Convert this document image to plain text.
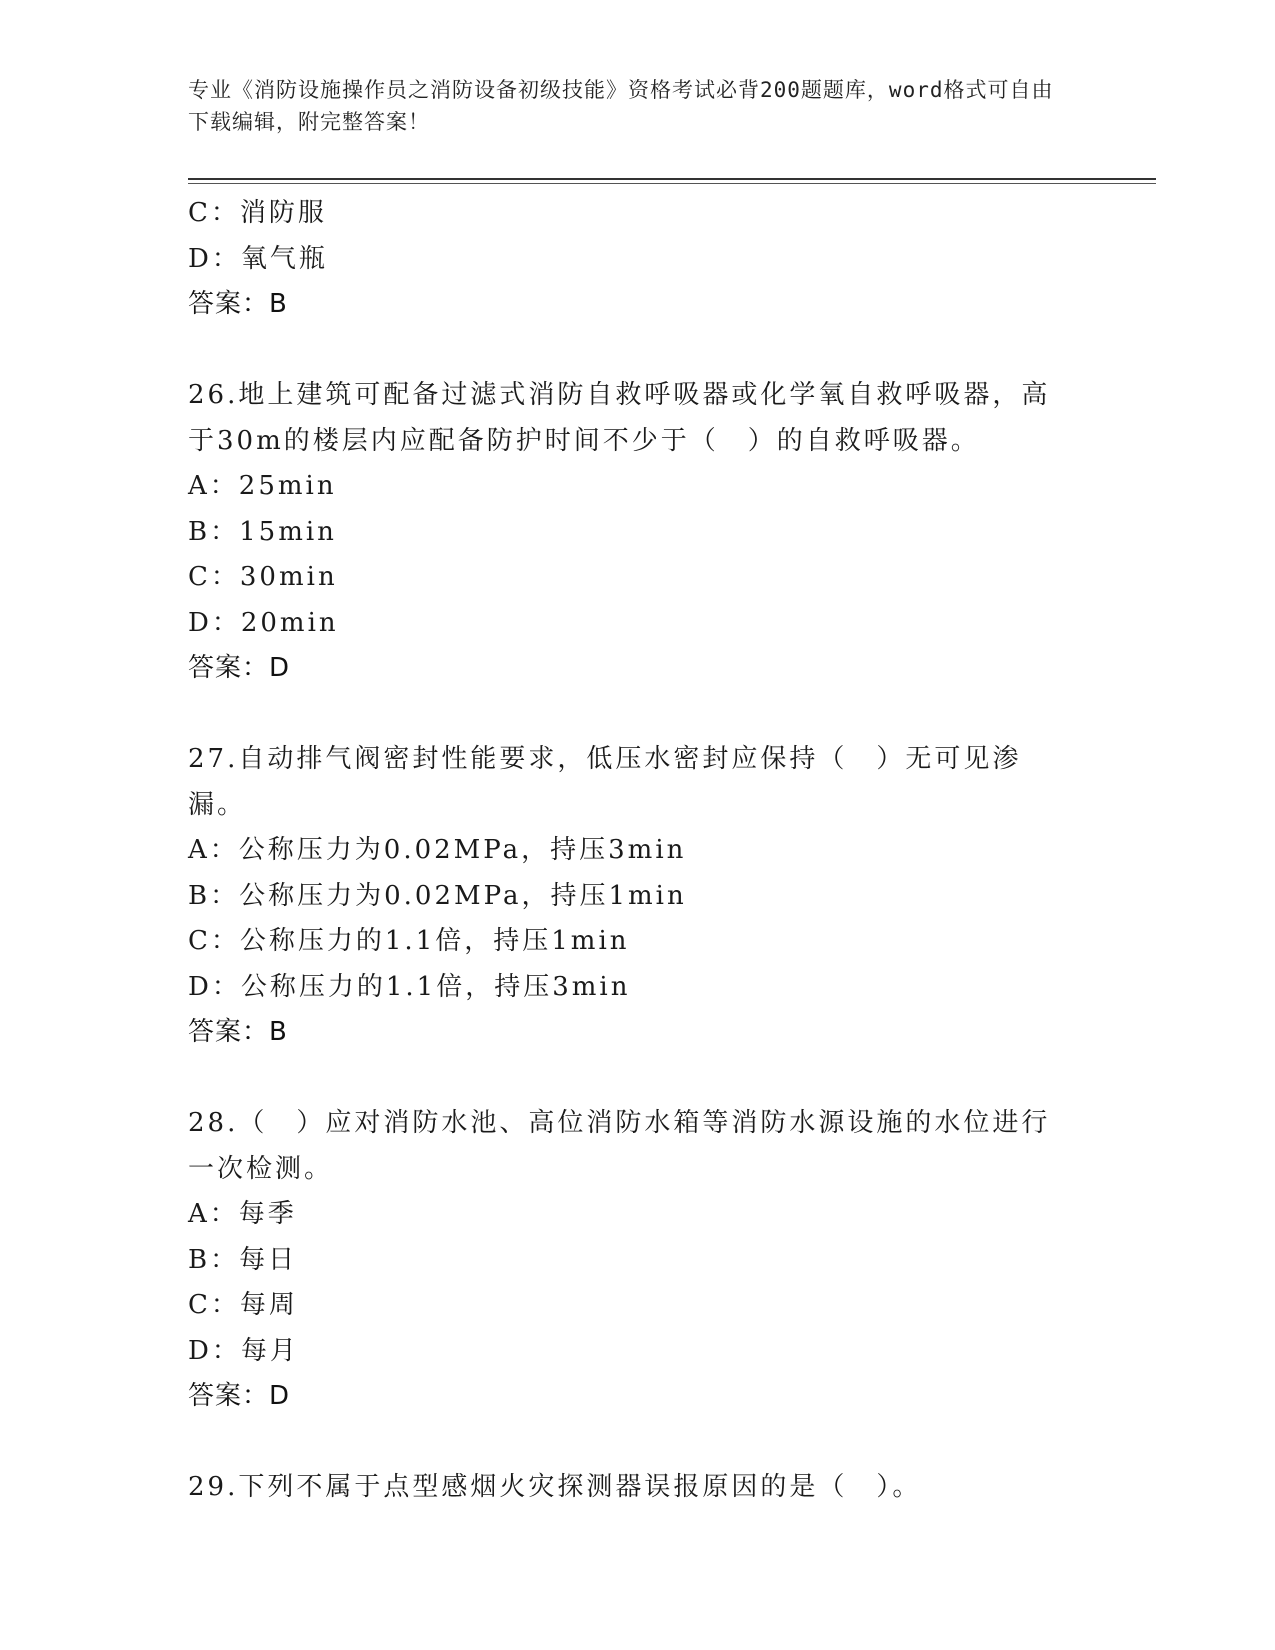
专业《消防设施操作员之消防设备初级技能》资格考试必背200题题库，word格式可自由下载编辑，附完整答案！
C：消防服
D：氧气瓶
答案：B
26.地上建筑可配备过滤式消防自救呼吸器或化学氧自救呼吸器，高于30m的楼层内应配备防护时间不少于（　）的自救呼吸器。
A：25min
B：15min
C：30min
D：20min
答案：D
27.自动排气阀密封性能要求，低压水密封应保持（　）无可见渗漏。
A：公称压力为0.02MPa，持压3min
B：公称压力为0.02MPa，持压1min
C：公称压力的1.1倍，持压1min
D：公称压力的1.1倍，持压3min
答案：B
28.（　）应对消防水池、高位消防水箱等消防水源设施的水位进行一次检测。
A：每季
B：每日
C：每周
D：每月
答案：D
29.下列不属于点型感烟火灾探测器误报原因的是（　）。
